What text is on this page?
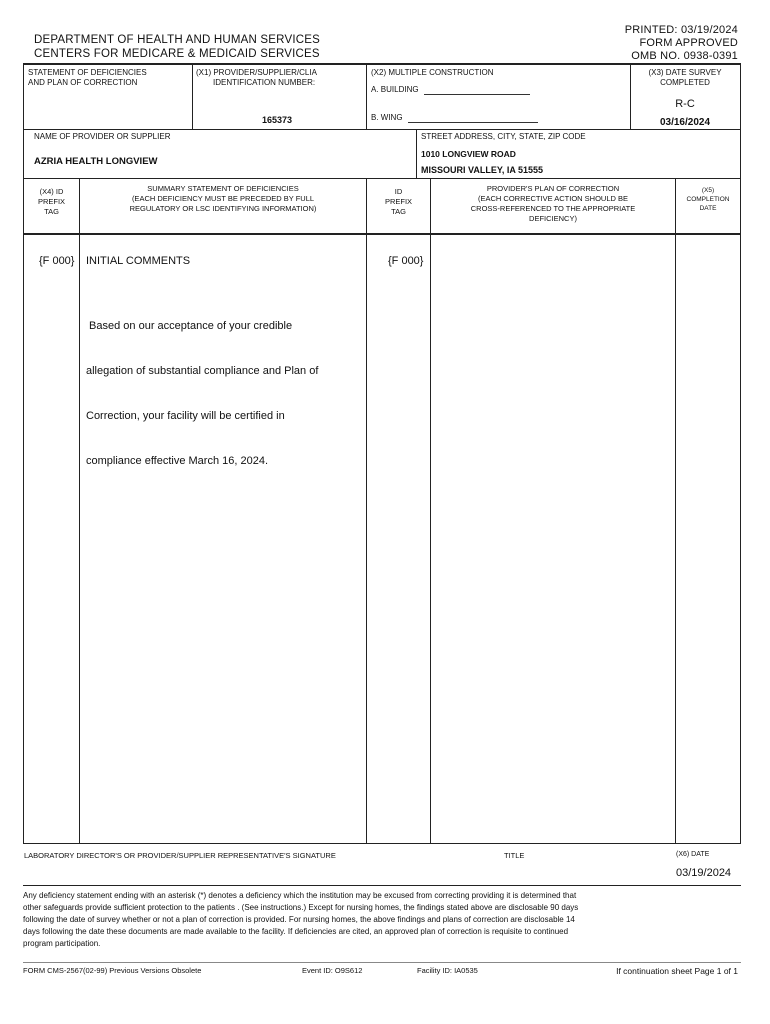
PRINTED: 03/19/2024
FORM APPROVED
OMB NO. 0938-0391
DEPARTMENT OF HEALTH AND HUMAN SERVICES
CENTERS FOR MEDICARE & MEDICAID SERVICES
STATEMENT OF DEFICIENCIES
AND PLAN OF CORRECTION
(X1) PROVIDER/SUPPLIER/CLIA
IDENTIFICATION NUMBER:
165373
(X2) MULTIPLE CONSTRUCTION
A. BUILDING
B. WING
(X3) DATE SURVEY
COMPLETED
R-C
03/16/2024
NAME OF PROVIDER OR SUPPLIER
AZRIA HEALTH LONGVIEW
STREET ADDRESS, CITY, STATE, ZIP CODE
1010 LONGVIEW ROAD
MISSOURI VALLEY, IA 51555
(X4) ID
PREFIX
TAG
SUMMARY STATEMENT OF DEFICIENCIES
(EACH DEFICIENCY MUST BE PRECEDED BY FULL
REGULATORY OR LSC IDENTIFYING INFORMATION)
ID
PREFIX
TAG
PROVIDER'S PLAN OF CORRECTION
(EACH CORRECTIVE ACTION SHOULD BE
CROSS-REFERENCED TO THE APPROPRIATE
DEFICIENCY)
(X5)
COMPLETION
DATE
{F 000} INITIAL COMMENTS	{F 000}

Based on our acceptance of your credible

allegation of substantial compliance and Plan of

Correction, your facility will be certified in

compliance effective March 16, 2024.

LABORATORY DIRECTOR'S OR PROVIDER/SUPPLIER REPRESENTATIVE'S SIGNATURE	TITLE	(X6) DATE
03/19/2024
Any deficiency statement ending with an asterisk (*) denotes a deficiency which the institution may be excused from correcting providing it is determined that
other safeguards provide sufficient protection to the patients . (See instructions.) Except for nursing homes, the findings stated above are disclosable 90 days
following the date of survey whether or not a plan of correction is provided. For nursing homes, the above findings and plans of correction are disclosable 14
days following the date these documents are made available to the facility. If deficiencies are cited, an approved plan of correction is requisite to continued
program participation.
FORM CMS-2567(02-99) Previous Versions Obsolete	Event ID: O9S612	Facility ID: IA0535	If continuation sheet Page 1 of 1
